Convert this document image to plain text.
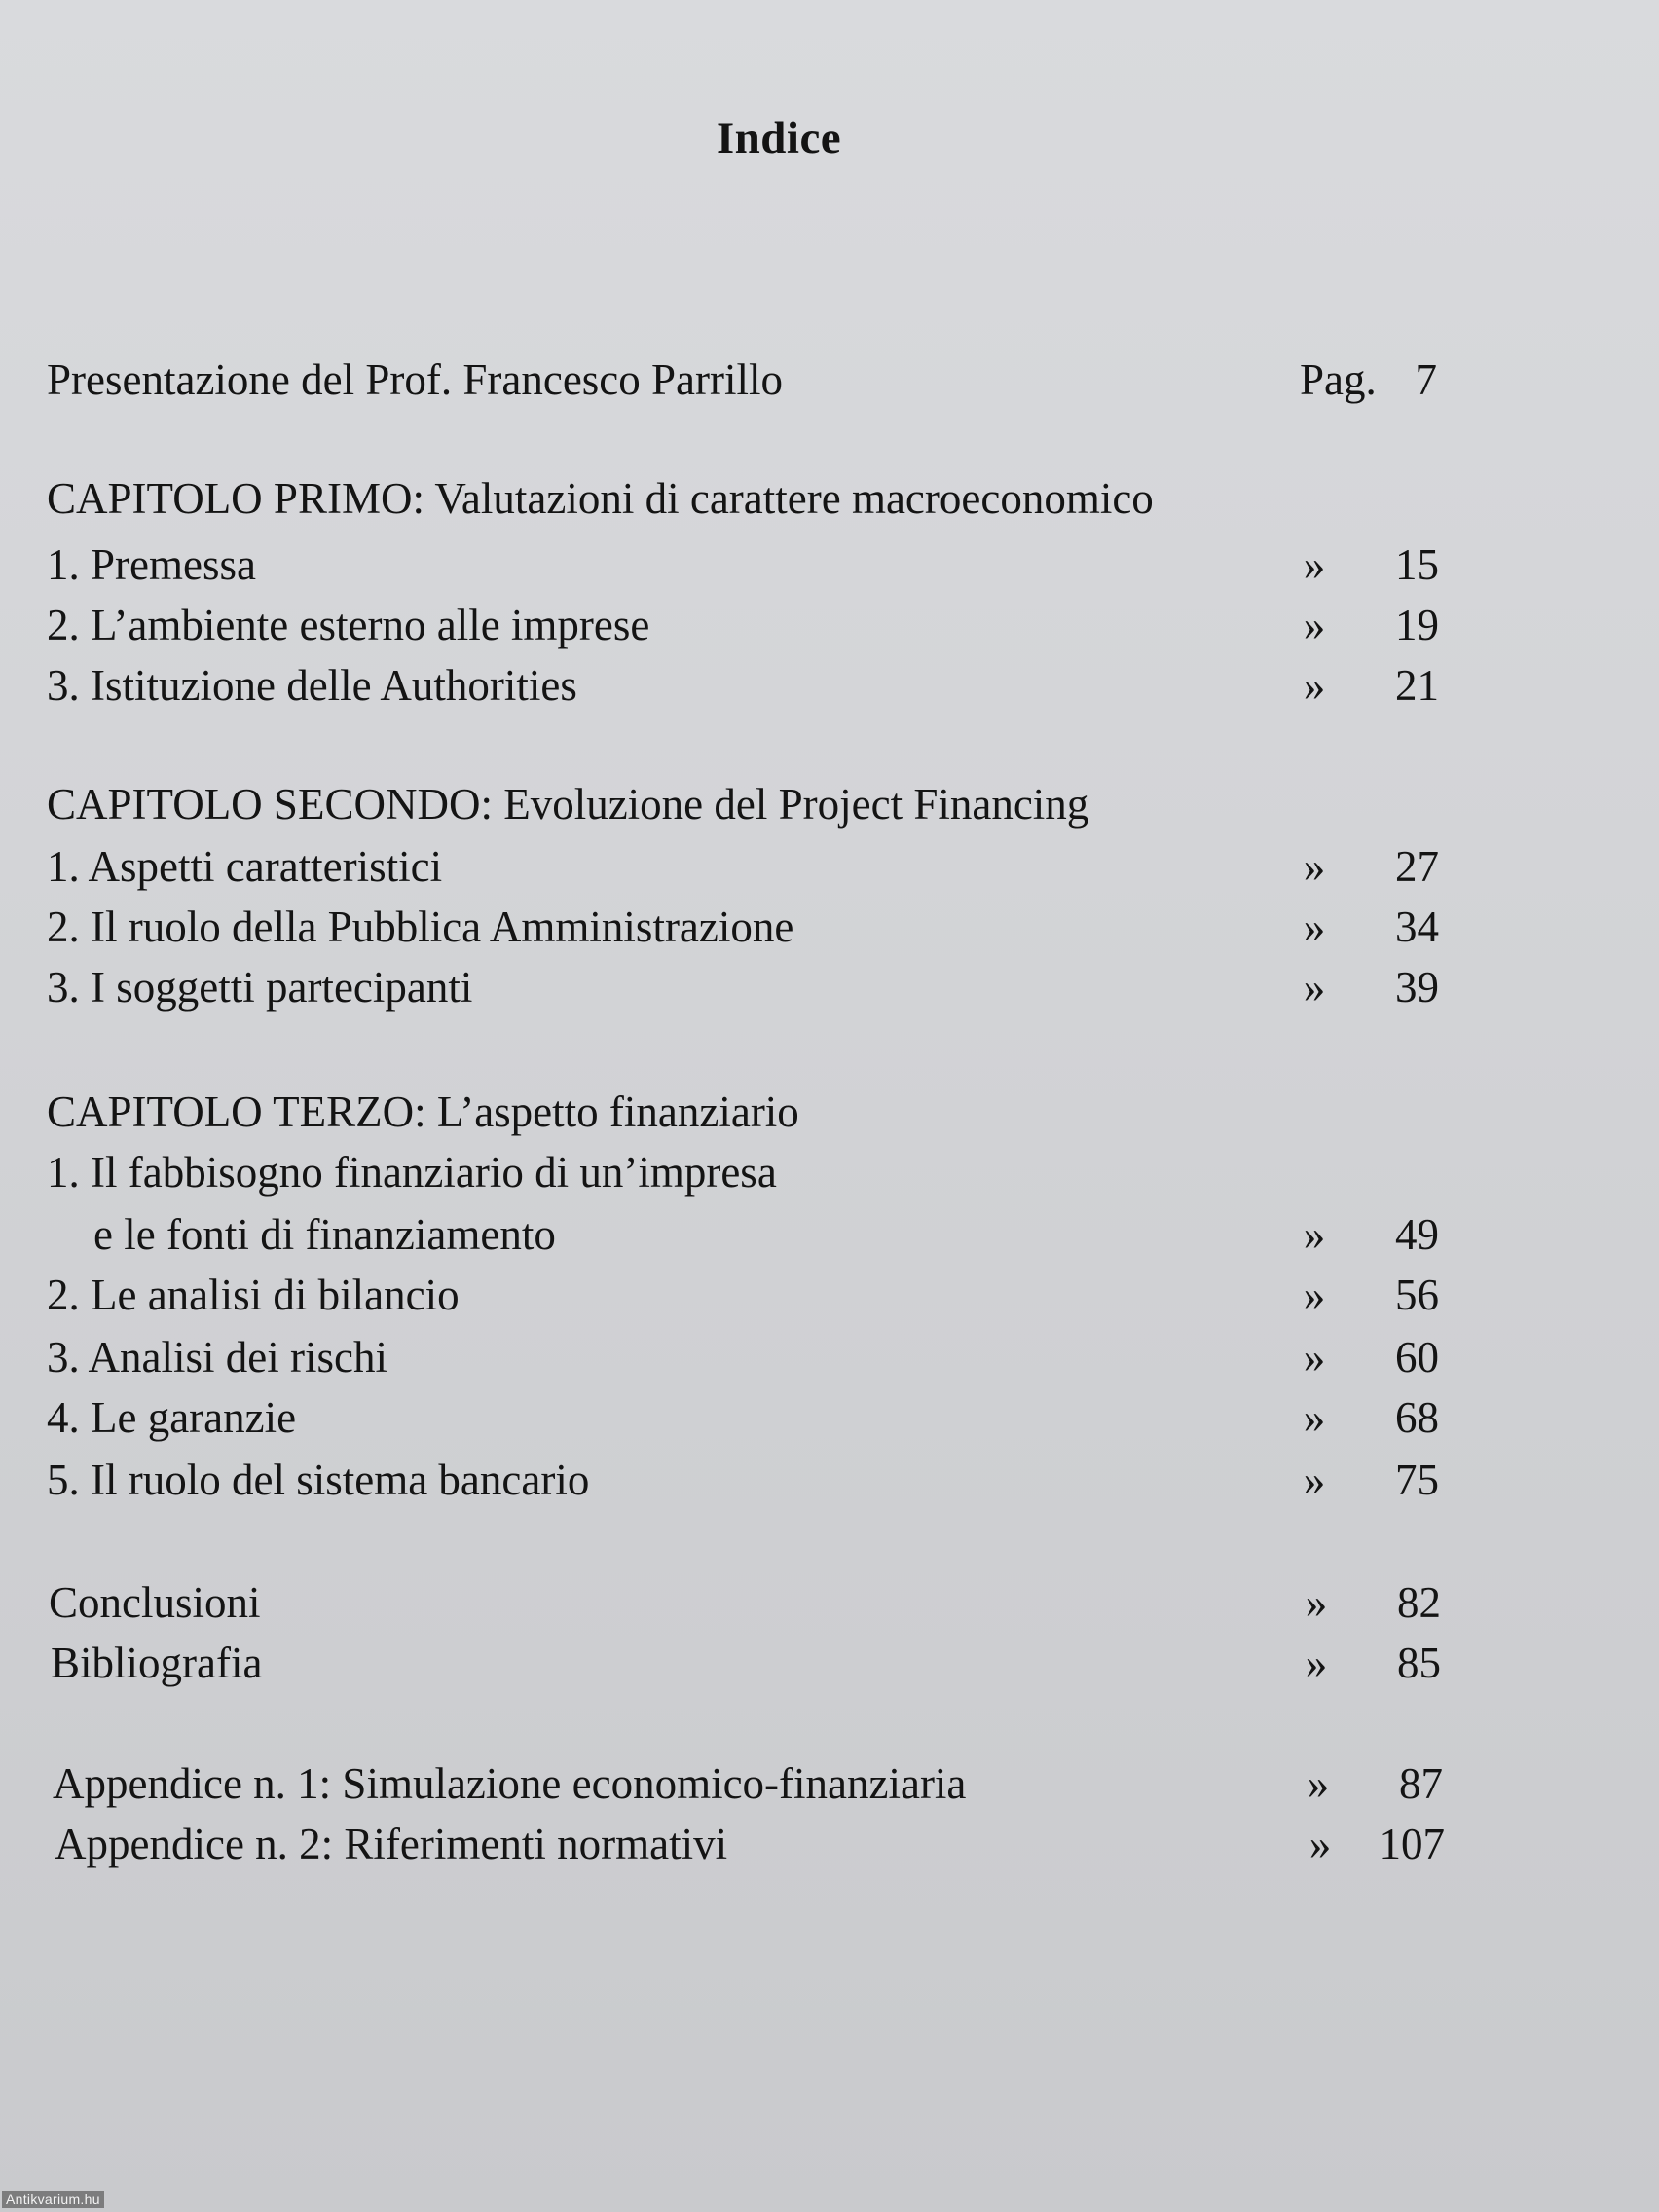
Indice
Presentazione del Prof. Francesco Parrillo	Pag. 7
CAPITOLO PRIMO: Valutazioni di carattere macroeconomico
1. Premessa	»	15
2. L’ambiente esterno alle imprese	»	19
3. Istituzione delle Authorities	»	21
CAPITOLO SECONDO: Evoluzione del Project Financing
1. Aspetti caratteristici	»	27
2. Il ruolo della Pubblica Amministrazione	»	34
3. I soggetti partecipanti	»	39
CAPITOLO TERZO: L’aspetto finanziario
1. Il fabbisogno finanziario di un’impresa
e le fonti di finanziamento	»	49
2. Le analisi di bilancio	»	56
3. Analisi dei rischi	»	60
4. Le garanzie	»	68
5. Il ruolo del sistema bancario	»	75
Conclusioni	»	82
Bibliografia	»	85
Appendice n. 1: Simulazione economico-finanziaria	»	87
Appendice n. 2: Riferimenti normativi	»	107
Antikvarium.hu
